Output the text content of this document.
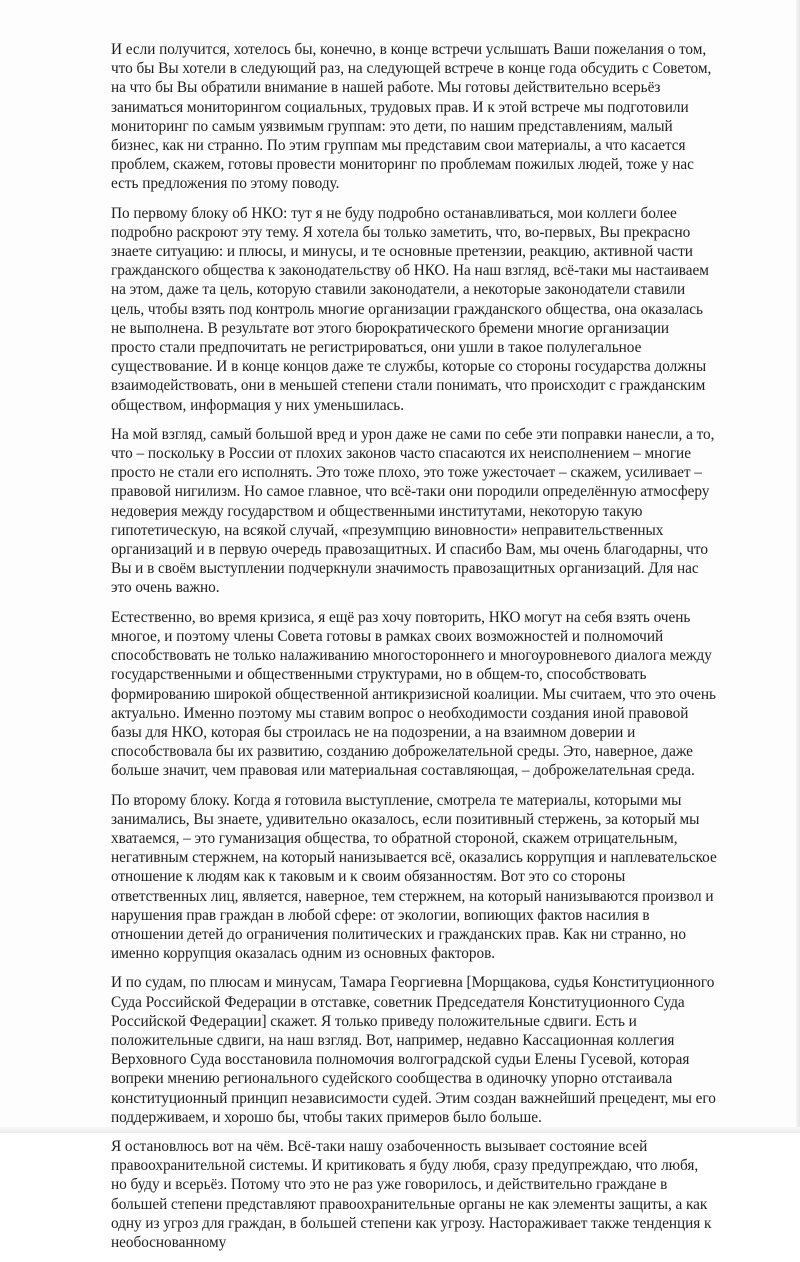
И если получится, хотелось бы, конечно, в конце встречи услышать Ваши пожелания о том, что бы Вы хотели в следующий раз, на следующей встрече в конце года обсудить с Советом, на что бы Вы обратили внимание в нашей работе. Мы готовы действительно всерьёз заниматься мониторингом социальных, трудовых прав. И к этой встрече мы подготовили мониторинг по самым уязвимым группам: это дети, по нашим представлениям, малый бизнес, как ни странно. По этим группам мы представим свои материалы, а что касается проблем, скажем, готовы провести мониторинг по проблемам пожилых людей, тоже у нас есть предложения по этому поводу.

По первому блоку об НКО: тут я не буду подробно останавливаться, мои коллеги более подробно раскроют эту тему. Я хотела бы только заметить, что, во-первых, Вы прекрасно знаете ситуацию: и плюсы, и минусы, и те основные претензии, реакцию, активной части гражданского общества к законодательству об НКО. На наш взгляд, всё-таки мы настаиваем на этом, даже та цель, которую ставили законодатели, а некоторые законодатели ставили цель, чтобы взять под контроль многие организации гражданского общества, она оказалась не выполнена. В результате вот этого бюрократического бремени многие организации просто стали предпочитать не регистрироваться, они ушли в такое полулегальное существование. И в конце концов даже те службы, которые со стороны государства должны взаимодействовать, они в меньшей степени стали понимать, что происходит с гражданским обществом, информация у них уменьшилась.

На мой взгляд, самый большой вред и урон даже не сами по себе эти поправки нанесли, а то, что – поскольку в России от плохих законов часто спасаются их неисполнением – многие просто не стали его исполнять. Это тоже плохо, это тоже ужесточает – скажем, усиливает – правовой нигилизм. Но самое главное, что всё-таки они породили определённую атмосферу недоверия между государством и общественными институтами, некоторую такую гипотетическую, на всякой случай, «презумпцию виновности» неправительственных организаций и в первую очередь правозащитных. И спасибо Вам, мы очень благодарны, что Вы и в своём выступлении подчеркнули значимость правозащитных организаций. Для нас это очень важно.

Естественно, во время кризиса, я ещё раз хочу повторить, НКО могут на себя взять очень многое, и поэтому члены Совета готовы в рамках своих возможностей и полномочий способствовать не только налаживанию многостороннего и многоуровневого диалога между государственными и общественными структурами, но в общем-то, способствовать формированию широкой общественной антикризисной коалиции. Мы считаем, что это очень актуально. Именно поэтому мы ставим вопрос о необходимости создания иной правовой базы для НКО, которая бы строилась не на подозрении, а на взаимном доверии и способствовала бы их развитию, созданию доброжелательной среды. Это, наверное, даже больше значит, чем правовая или материальная составляющая, – доброжелательная среда.

По второму блоку. Когда я готовила выступление, смотрела те материалы, которыми мы занимались, Вы знаете, удивительно оказалось, если позитивный стержень, за который мы хватаемся, – это гуманизация общества, то обратной стороной, скажем отрицательным, негативным стержнем, на который нанизывается всё, оказались коррупция и наплевательское отношение к людям как к таковым и к своим обязанностям. Вот это со стороны ответственных лиц, является, наверное, тем стержнем, на который нанизываются произвол и нарушения прав граждан в любой сфере: от экологии, вопиющих фактов насилия в отношении детей до ограничения политических и гражданских прав. Как ни странно, но именно коррупция оказалась одним из основных факторов.

И по судам, по плюсам и минусам, Тамара Георгиевна [Морщакова, судья Конституционного Суда Российской Федерации в отставке, советник Председателя Конституционного Суда Российской Федерации] скажет. Я только приведу положительные сдвиги. Есть и положительные сдвиги, на наш взгляд. Вот, например, недавно Кассационная коллегия Верховного Суда восстановила полномочия волгоградской судьи Елены Гусевой, которая вопреки мнению регионального судейского сообщества в одиночку упорно отстаивала конституционный принцип независимости судей. Этим создан важнейший прецедент, мы его поддерживаем, и хорошо бы, чтобы таких примеров было больше.

Я остановлюсь вот на чём. Всё-таки нашу озабоченность вызывает состояние всей правоохранительной системы. И критиковать я буду любя, сразу предупреждаю, что любя, но буду и всерьёз. Потому что это не раз уже говорилось, и действительно граждане в большей степени представляют правоохранительные органы не как элементы защиты, а как одну из угроз для граждан, в большей степени как угрозу. Настораживает также тенденция к необоснованному
